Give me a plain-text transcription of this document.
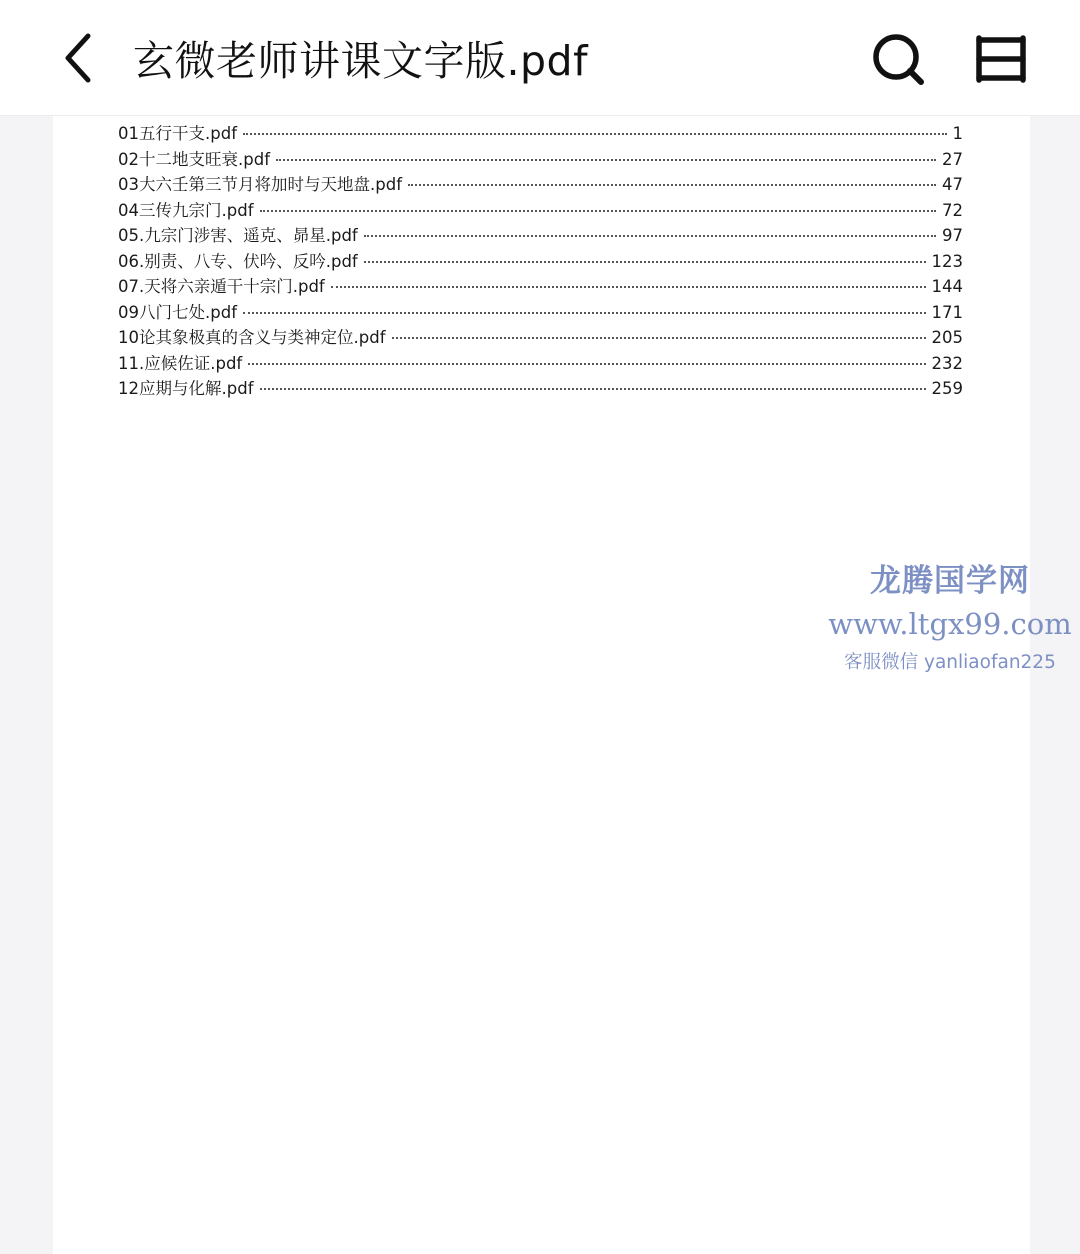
玄微老师讲课文字版.pdf
01五行干支.pdf	1
02十二地支旺衰.pdf	27
03大六壬第三节月将加时与天地盘.pdf	47
04三传九宗门.pdf	72
05.九宗门涉害、遥克、昴星.pdf	97
06.别责、八专、伏吟、反吟.pdf	123
07.天将六亲遁干十宗门.pdf	144
09八门七处.pdf	171
10论其象极真的含义与类神定位.pdf	205
11.应候佐证.pdf	232
12应期与化解.pdf	259
龙腾国学网
www.ltgx99.com
客服微信 yanliaofan225
